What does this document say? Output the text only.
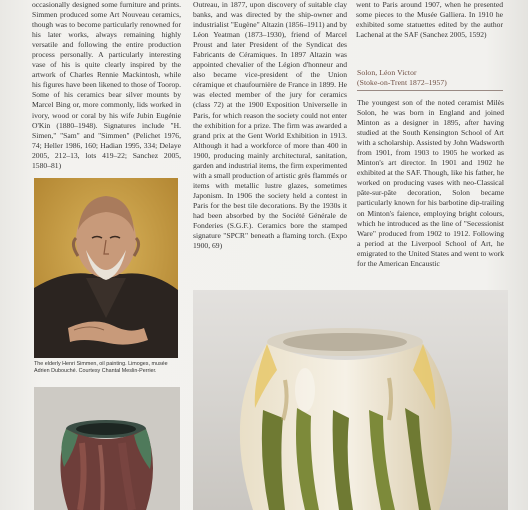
occasionally designed some furniture and prints. Simmen produced some Art Nouveau ceramics, though was to become particularly renowned for his later works, always remaining highly versatile and following the entire production process personally. A particularly interesting vase of his is quite clearly inspired by the artwork of Charles Rennie Mackintosh, while his figures have been likened to those of Toorop. Some of his ceramics bear silver mounts by Marcel Bing or, more commonly, lids worked in ivory, wood or coral by his wife Jubin Eugénie O'Kin (1880–1948). Signatures include "H. Simen," "Sam" and "Simmen" (Pelichet 1976, 74; Heller 1986, 160; Hadian 1995, 334; Delaye 2005, 212–13, lots 419–22; Sanchez 2005, 1580–81)

Outreau, in 1877, upon discovery of suitable clay banks, and was directed by the ship-owner and industrialist "Eugène" Altazin (1856–1911) and by Léon Yeatman (1873–1930), friend of Marcel Proust and later President of the Syndicat des Fabricants de Céramiques. In 1897 Altazin was appointed chevalier of the Légion d'honneur and also became vice-president of the Union céramique et chaufournière de France in 1899. He was elected member of the jury for ceramics (class 72) at the 1900 Exposition Universelle in Paris, for which reason the society could not enter the exhibition for a prize. The firm was awarded a grand prix at the Gent World Exhibition in 1913. Although it had a workforce of more than 400 in 1900, producing mainly architectural, sanitation, garden and industrial items, the firm experimented with a small production of artistic grès flammés or items with metallic lustre glazes, sometimes Japonism. In 1906 the society held a contest in Paris for the best tile decorations. By the 1930s it had been absorbed by the Société Générale de Fonderies (S.G.F.). Ceramics bore the stamped signature "SPCR" beneath a flaming torch. (Expo 1900, 69)

went to Paris around 1907, when he presented some pieces to the Musée Galliera. In 1910 he exhibited some statuettes edited by the author Lachenal at the SAF (Sanchez 2005, 1592)

Solon, Léon Victor
(Stoke-on-Trent 1872–1957)

The youngest son of the noted ceramist Milès Solon, he was born in England and joined Minton as a designer in 1895, after having studied at the South Kensington School of Art with a scholarship. Assisted by John Wadsworth from 1901, from 1903 to 1905 he worked as Minton's art director. In 1901 and 1902 he exhibited at the SAF. Though, like his father, he worked on producing vases with neo-Classical pâte-sur-pâte decoration, Solon became particularly known for his barbotine dip-trailing on Minton's faience, employing bright colours, which he introduced as the line of "Secessionist Ware" produced from 1902 to 1912. Following a period at the Liverpool School of Art, he emigrated to the United States and went to work for the American Encaustic

The elderly Henri Simmen, oil painting. Limoges, musée Adrien Dubouché. Courtesy Chantal Meslin-Perrier.
